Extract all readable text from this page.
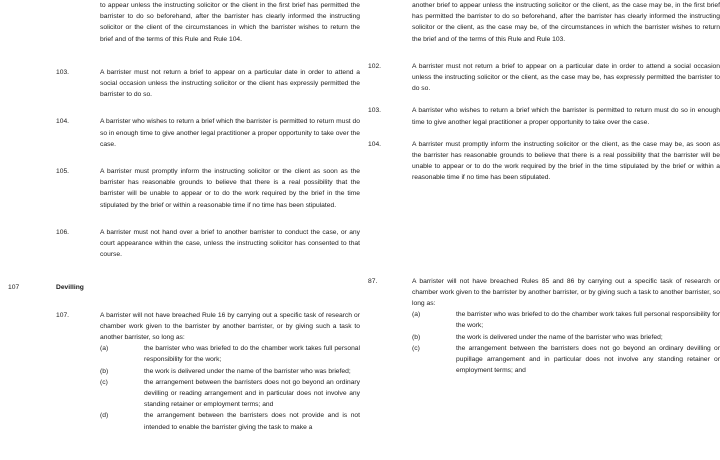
to appear unless the instructing solicitor or the client in the first brief has permitted the barrister to do so beforehand, after the barrister has clearly informed the instructing solicitor or the client of the circumstances in which the barrister wishes to return the brief and of the terms of this Rule and Rule 104.
103.	A barrister must not return a brief to appear on a particular date in order to attend a social occasion unless the instructing solicitor or the client has expressly permitted the barrister to do so.
104.	A barrister who wishes to return a brief which the barrister is permitted to return must do so in enough time to give another legal practitioner a proper opportunity to take over the case.
105.	A barrister must promptly inform the instructing solicitor or the client as soon as the barrister has reasonable grounds to believe that there is a real possibility that the barrister will be unable to appear or to do the work required by the brief in the time stipulated by the brief or within a reasonable time if no time has been stipulated.
106.	A barrister must not hand over a brief to another barrister to conduct the case, or any court appearance within the case, unless the instructing solicitor has consented to that course.
107	Devilling
107.	A barrister will not have breached Rule 16 by carrying out a specific task of research or chamber work given to the barrister by another barrister, or by giving such a task to another barrister, so long as:
(a)	the barrister who was briefed to do the chamber work takes full personal responsibility for the work;
(b)	the work is delivered under the name of the barrister who was briefed;
(c)	the arrangement between the barristers does not go beyond an ordinary devilling or reading arrangement and in particular does not involve any standing retainer or employment terms; and
(d)	the arrangement between the barristers does not provide and is not intended to enable the barrister giving the task to make a
another brief to appear unless the instructing solicitor or the client, as the case may be, in the first brief has permitted the barrister to do so beforehand, after the barrister has clearly informed the instructing solicitor or the client, as the case may be, of the circumstances in which the barrister wishes to return the brief and of the terms of this Rule and Rule 103.
102.	A barrister must not return a brief to appear on a particular date in order to attend a social occasion unless the instructing solicitor or the client, as the case may be, has expressly permitted the barrister to do so.
103.	A barrister who wishes to return a brief which the barrister is permitted to return must do so in enough time to give another legal practitioner a proper opportunity to take over the case.
104.	A barrister must promptly inform the instructing solicitor or the client, as the case may be, as soon as the barrister has reasonable grounds to believe that there is a real possibility that the barrister will be unable to appear or to do the work required by the brief in the time stipulated by the brief or within a reasonable time if no time has been stipulated.
87.	A barrister will not have breached Rules 85 and 86 by carrying out a specific task of research or chamber work given to the barrister by another barrister, or by giving such a task to another barrister, so long as:
(a)	the barrister who was briefed to do the chamber work takes full personal responsibility for the work;
(b)	the work is delivered under the name of the barrister who was briefed;
(c)	the arrangement between the barristers does not go beyond an ordinary devilling or pupillage arrangement and in particular does not involve any standing retainer or employment terms; and
